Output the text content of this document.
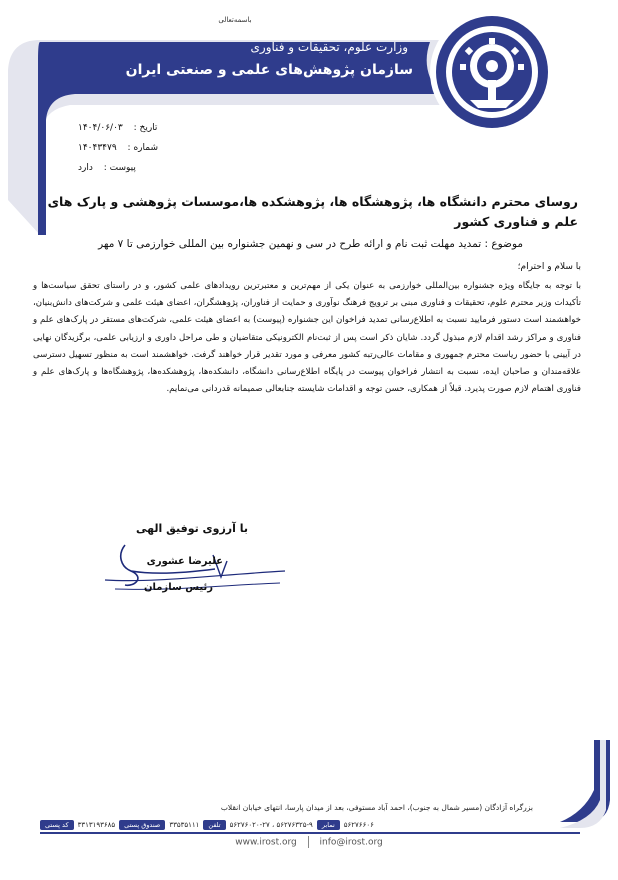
باسمه‌تعالی
وزارت علوم، تحقیقات و فناوری
سازمان پژوهش‌های علمی و صنعتی ایران
تاریخ : ۱۴۰۴/۰۶/۰۳
شماره : ۱۴۰۴۳۴۷۹
پیوست : دارد
روسای محترم دانشگاه ها، پژوهشگاه ها، پژوهشکده ها،موسسات پژوهشی و پارک های علم و فناوری کشور
موضوع : تمدید مهلت ثبت نام و ارائه طرح در سی و نهمین جشنواره بین المللی خوارزمی تا ۷ مهر
با سلام و احترام؛
با توجه به جایگاه ویژه جشنواره بین‌المللی خوارزمی به عنوان یکی از مهم‌ترین و معتبرترین رویدادهای علمی کشور، و در راستای تحقق سیاست‌ها و تأکیدات وزیر محترم علوم، تحقیقات و فناوری مبنی بر ترویج فرهنگ نوآوری و حمایت از فناوران، پژوهشگران، اعضای هیئت علمی و شرکت‌های دانش‌بنیان، خواهشمند است دستور فرمایید نسبت به اطلاع‌رسانی تمدید فراخوان این جشنواره (پیوست) به اعضای هیئت علمی، شرکت‌های مستقر در پارک‌های علم و فناوری و مراکز رشد اقدام لازم مبذول گردد. شایان ذکر است پس از ثبت‌نام الکترونیکی متقاضیان و طی مراحل داوری و ارزیابی علمی، برگزیدگان نهایی در آیینی با حضور ریاست محترم جمهوری و مقامات عالی‌رتبه کشور معرفی و مورد تقدیر قرار خواهند گرفت. خواهشمند است به منظور تسهیل دسترسی علاقه‌مندان و صاحبان ایده، نسبت به انتشار فراخوان پیوست در پایگاه اطلاع‌رسانی دانشگاه، دانشکده‌ها، پژوهشکده‌ها، پژوهشگاه‌ها و پارک‌های علم و فناوری اهتمام لازم صورت پذیرد. قبلاً از همکاری، حسن توجه و اقدامات شایسته جنابعالی صمیمانه قدردانی می‌نمایم.
با آرزوی توفیق الهی
علیرضا عشوری
رئیس سازمان
بزرگراه آزادگان (مسیر شمال به جنوب)، احمد آباد مستوفی، بعد از میدان پارسا، انتهای خیابان انقلاب
کد پستی	۳۳۱۳۱۹۳۶۸۵	صندوق پستی	۳۳۵۳۵۱۱۱	تلفن	۵۶۲۷۶۳۲۵-۹ ، ۵۶۲۷۶۰۲۰-۲۷	نمابر	۵۶۲۷۶۶۰۶
www.irost.org	info@irost.org
